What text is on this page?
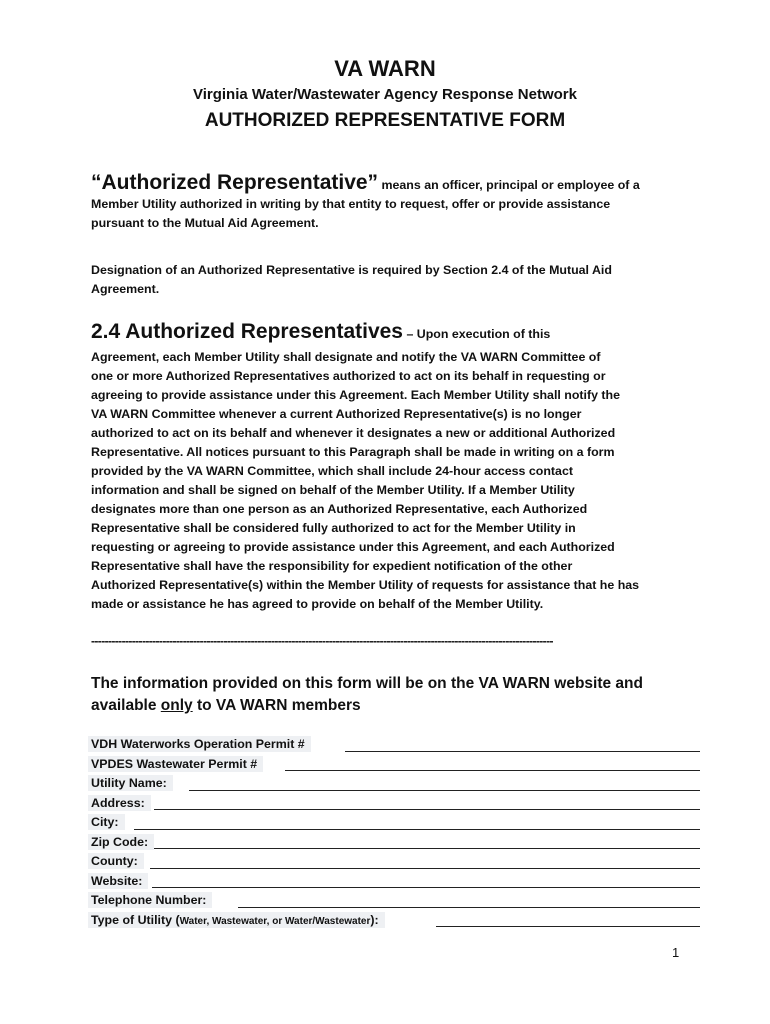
VA WARN
Virginia Water/Wastewater Agency Response Network
AUTHORIZED REPRESENTATIVE FORM
“Authorized Representative” means an officer, principal or employee of a
Member Utility authorized in writing by that entity to request, offer or provide assistance
pursuant to the Mutual Aid Agreement.
Designation of an Authorized Representative is required by Section 2.4 of the Mutual Aid
Agreement.
2.4 Authorized Representatives – Upon execution of this
Agreement, each Member Utility shall designate and notify the VA WARN Committee of
one or more Authorized Representatives authorized to act on its behalf in requesting or
agreeing to provide assistance under this Agreement. Each Member Utility shall notify the
VA WARN Committee whenever a current Authorized Representative(s) is no longer
authorized to act on its behalf and whenever it designates a new or additional Authorized
Representative. All notices pursuant to this Paragraph shall be made in writing on a form
provided by the VA WARN Committee, which shall include 24-hour access contact
information and shall be signed on behalf of the Member Utility. If a Member Utility
designates more than one person as an Authorized Representative, each Authorized
Representative shall be considered fully authorized to act for the Member Utility in
requesting or agreeing to provide assistance under this Agreement, and each Authorized
Representative shall have the responsibility for expedient notification of the other
Authorized Representative(s) within the Member Utility of requests for assistance that he has
made or assistance he has agreed to provide on behalf of the Member Utility.
----------------------------------------------------------------------------------------------------------------------------------------
The information provided on this form will be on the VA WARN website and
available only to VA WARN members
VDH Waterworks Operation Permit #
VPDES Wastewater Permit #
Utility Name:
Address:
City:
Zip Code:
County:
Website:
Telephone Number:
Type of Utility (Water, Wastewater, or Water/Wastewater):
1
